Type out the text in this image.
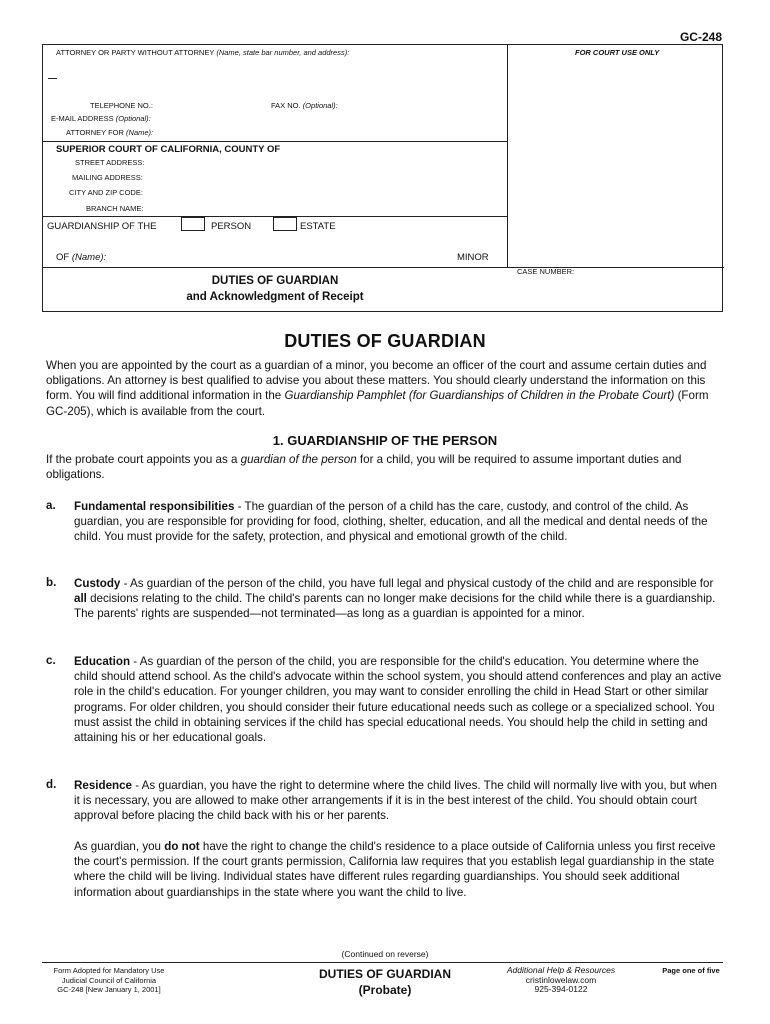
GC-248
ATTORNEY OR PARTY WITHOUT ATTORNEY (Name, state bar number, and address):	FOR COURT USE ONLY
TELEPHONE NO.:	FAX NO. (Optional):
E-MAIL ADDRESS (Optional):
ATTORNEY FOR (Name):
SUPERIOR COURT OF CALIFORNIA, COUNTY OF
STREET ADDRESS:
MAILING ADDRESS:
CITY AND ZIP CODE:
BRANCH NAME:
GUARDIANSHIP OF THE	PERSON	ESTATE
OF (Name):	MINOR
CASE NUMBER:
DUTIES OF GUARDIAN
and Acknowledgment of Receipt
DUTIES OF GUARDIAN
When you are appointed by the court as a guardian of a minor, you become an officer of the court and assume certain duties and obligations. An attorney is best qualified to advise you about these matters. You should clearly understand the information on this form. You will find additional information in the Guardianship Pamphlet (for Guardianships of Children in the Probate Court) (Form GC-205), which is available from the court.
1. GUARDIANSHIP OF THE PERSON
If the probate court appoints you as a guardian of the person for a child, you will be required to assume important duties and obligations.
a. Fundamental responsibilities - The guardian of the person of a child has the care, custody, and control of the child. As guardian, you are responsible for providing for food, clothing, shelter, education, and all the medical and dental needs of the child. You must provide for the safety, protection, and physical and emotional growth of the child.
b. Custody - As guardian of the person of the child, you have full legal and physical custody of the child and are responsible for all decisions relating to the child. The child's parents can no longer make decisions for the child while there is a guardianship. The parents' rights are suspended—not terminated—as long as a guardian is appointed for a minor.
c. Education - As guardian of the person of the child, you are responsible for the child's education. You determine where the child should attend school. As the child's advocate within the school system, you should attend conferences and play an active role in the child's education. For younger children, you may want to consider enrolling the child in Head Start or other similar programs. For older children, you should consider their future educational needs such as college or a specialized school. You must assist the child in obtaining services if the child has special educational needs. You should help the child in setting and attaining his or her educational goals.
d. Residence - As guardian, you have the right to determine where the child lives. The child will normally live with you, but when it is necessary, you are allowed to make other arrangements if it is in the best interest of the child. You should obtain court approval before placing the child back with his or her parents.
As guardian, you do not have the right to change the child's residence to a place outside of California unless you first receive the court's permission. If the court grants permission, California law requires that you establish legal guardianship in the state where the child will be living. Individual states have different rules regarding guardianships. You should seek additional information about guardianships in the state where you want the child to live.
(Continued on reverse)
Form Adopted for Mandatory Use
Judicial Council of California
GC-248 [New January 1, 2001]
DUTIES OF GUARDIAN
(Probate)
Additional Help & Resources
cristinlowelaw.com
925-394-0122
Page one of five
